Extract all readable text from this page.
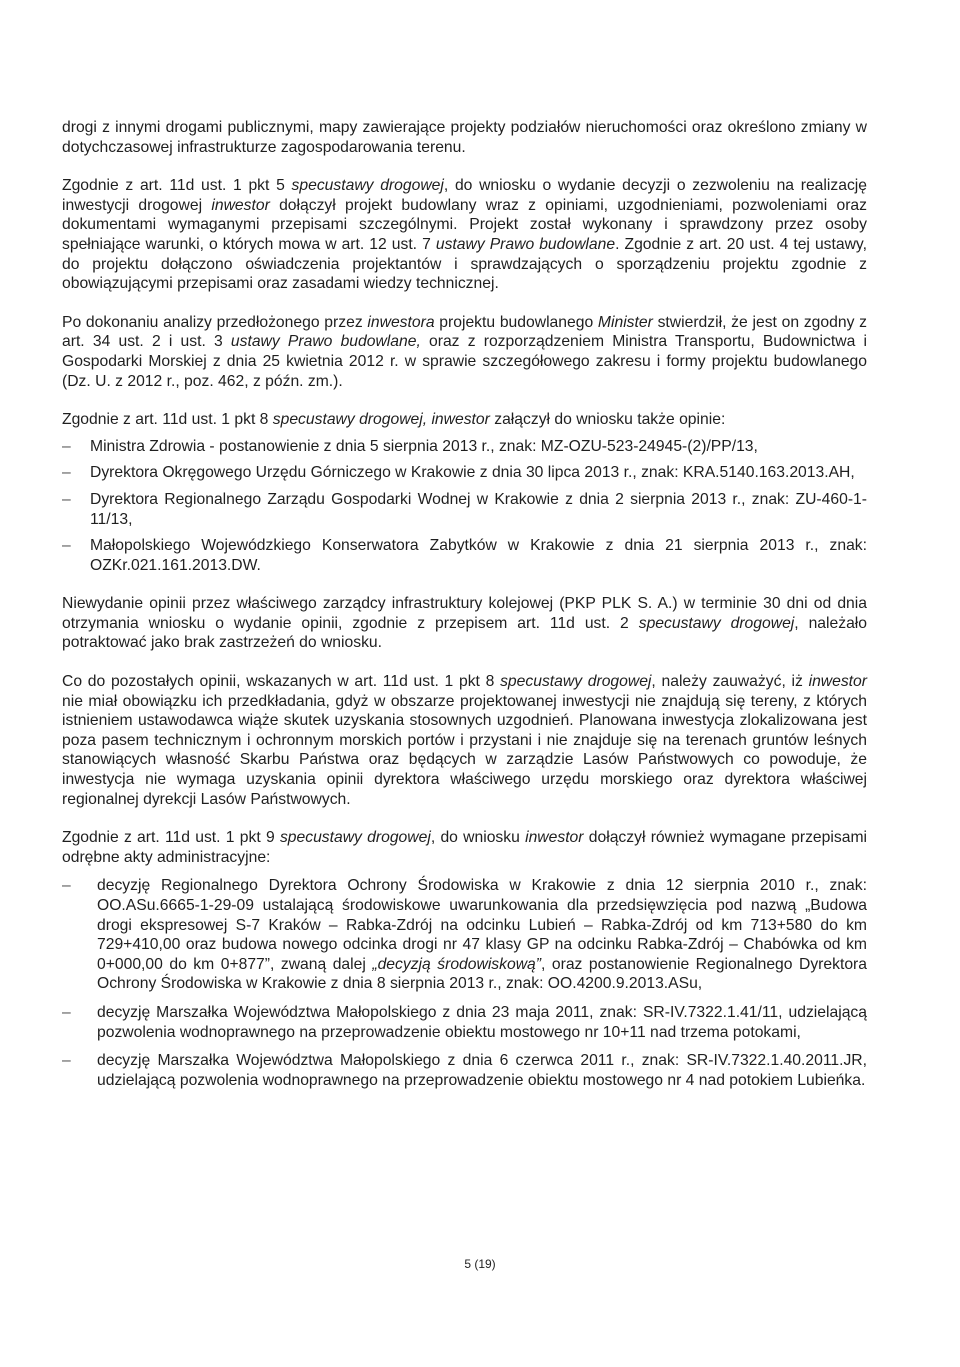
drogi z innymi drogami publicznymi, mapy zawierające projekty podziałów nieruchomości oraz określono zmiany w dotychczasowej infrastrukturze zagospodarowania terenu.

Zgodnie z art. 11d ust. 1 pkt 5 specustawy drogowej, do wniosku o wydanie decyzji o zezwoleniu na realizację inwestycji drogowej inwestor dołączył projekt budowlany wraz z opiniami, uzgodnieniami, pozwoleniami oraz dokumentami wymaganymi przepisami szczególnymi. Projekt został wykonany i sprawdzony przez osoby spełniające warunki, o których mowa w art. 12 ust. 7 ustawy Prawo budowlane. Zgodnie z art. 20 ust. 4 tej ustawy, do projektu dołączono oświadczenia projektantów i sprawdzających o sporządzeniu projektu zgodnie z obowiązującymi przepisami oraz zasadami wiedzy technicznej.

Po dokonaniu analizy przedłożonego przez inwestora projektu budowlanego Minister stwierdził, że jest on zgodny z art. 34 ust. 2 i ust. 3 ustawy Prawo budowlane, oraz z rozporządzeniem Ministra Transportu, Budownictwa i Gospodarki Morskiej z dnia 25 kwietnia 2012 r. w sprawie szczegółowego zakresu i formy projektu budowlanego (Dz. U. z 2012 r., poz. 462, z późn. zm.).

Zgodnie z art. 11d ust. 1 pkt 8 specustawy drogowej, inwestor załączył do wniosku także opinie:

– Ministra Zdrowia - postanowienie z dnia 5 sierpnia 2013 r., znak: MZ-OZU-523-24945-(2)/PP/13,
– Dyrektora Okręgowego Urzędu Górniczego w Krakowie z dnia 30 lipca 2013 r., znak: KRA.5140.163.2013.AH,
– Dyrektora Regionalnego Zarządu Gospodarki Wodnej w Krakowie z dnia 2 sierpnia 2013 r., znak: ZU-460-1-11/13,
– Małopolskiego Wojewódzkiego Konserwatora Zabytków w Krakowie z dnia 21 sierpnia 2013 r., znak: OZKr.021.161.2013.DW.

Niewydanie opinii przez właściwego zarządcy infrastruktury kolejowej (PKP PLK S. A.) w terminie 30 dni od dnia otrzymania wniosku o wydanie opinii, zgodnie z przepisem art. 11d ust. 2 specustawy drogowej, należało potraktować jako brak zastrzeżeń do wniosku.

Co do pozostałych opinii, wskazanych w art. 11d ust. 1 pkt 8 specustawy drogowej, należy zauważyć, iż inwestor nie miał obowiązku ich przedkładania, gdyż w obszarze projektowanej inwestycji nie znajdują się tereny, z których istnieniem ustawodawca wiąże skutek uzyskania stosownych uzgodnień. Planowana inwestycja zlokalizowana jest poza pasem technicznym i ochronnym morskich portów i przystani i nie znajduje się na terenach gruntów leśnych stanowiących własność Skarbu Państwa oraz będących w zarządzie Lasów Państwowych co powoduje, że inwestycja nie wymaga uzyskania opinii dyrektora właściwego urzędu morskiego oraz dyrektora właściwej regionalnej dyrekcji Lasów Państwowych.

Zgodnie z art. 11d ust. 1 pkt 9 specustawy drogowej, do wniosku inwestor dołączył również wymagane przepisami odrębne akty administracyjne:

– decyzję Regionalnego Dyrektora Ochrony Środowiska w Krakowie z dnia 12 sierpnia 2010 r., znak: OO.ASu.6665-1-29-09 ustalającą środowiskowe uwarunkowania dla przedsięwzięcia pod nazwą „Budowa drogi ekspresowej S-7 Kraków – Rabka-Zdrój na odcinku Lubień – Rabka-Zdrój od km 713+580 do km 729+410,00 oraz budowa nowego odcinka drogi nr 47 klasy GP na odcinku Rabka-Zdrój – Chabówka od km 0+000,00 do km 0+877”, zwaną dalej „decyzją środowiskową”, oraz postanowienie Regionalnego Dyrektora Ochrony Środowiska w Krakowie z dnia 8 sierpnia 2013 r., znak: OO.4200.9.2013.ASu,
– decyzję Marszałka Województwa Małopolskiego z dnia 23 maja 2011, znak: SR-IV.7322.1.41/11, udzielającą pozwolenia wodnoprawnego na przeprowadzenie obiektu mostowego nr 10+11 nad trzema potokami,
– decyzję Marszałka Województwa Małopolskiego z dnia 6 czerwca 2011 r., znak: SR-IV.7322.1.40.2011.JR, udzielającą pozwolenia wodnoprawnego na przeprowadzenie obiektu mostowego nr 4 nad potokiem Lubieńka.
5 (19)
